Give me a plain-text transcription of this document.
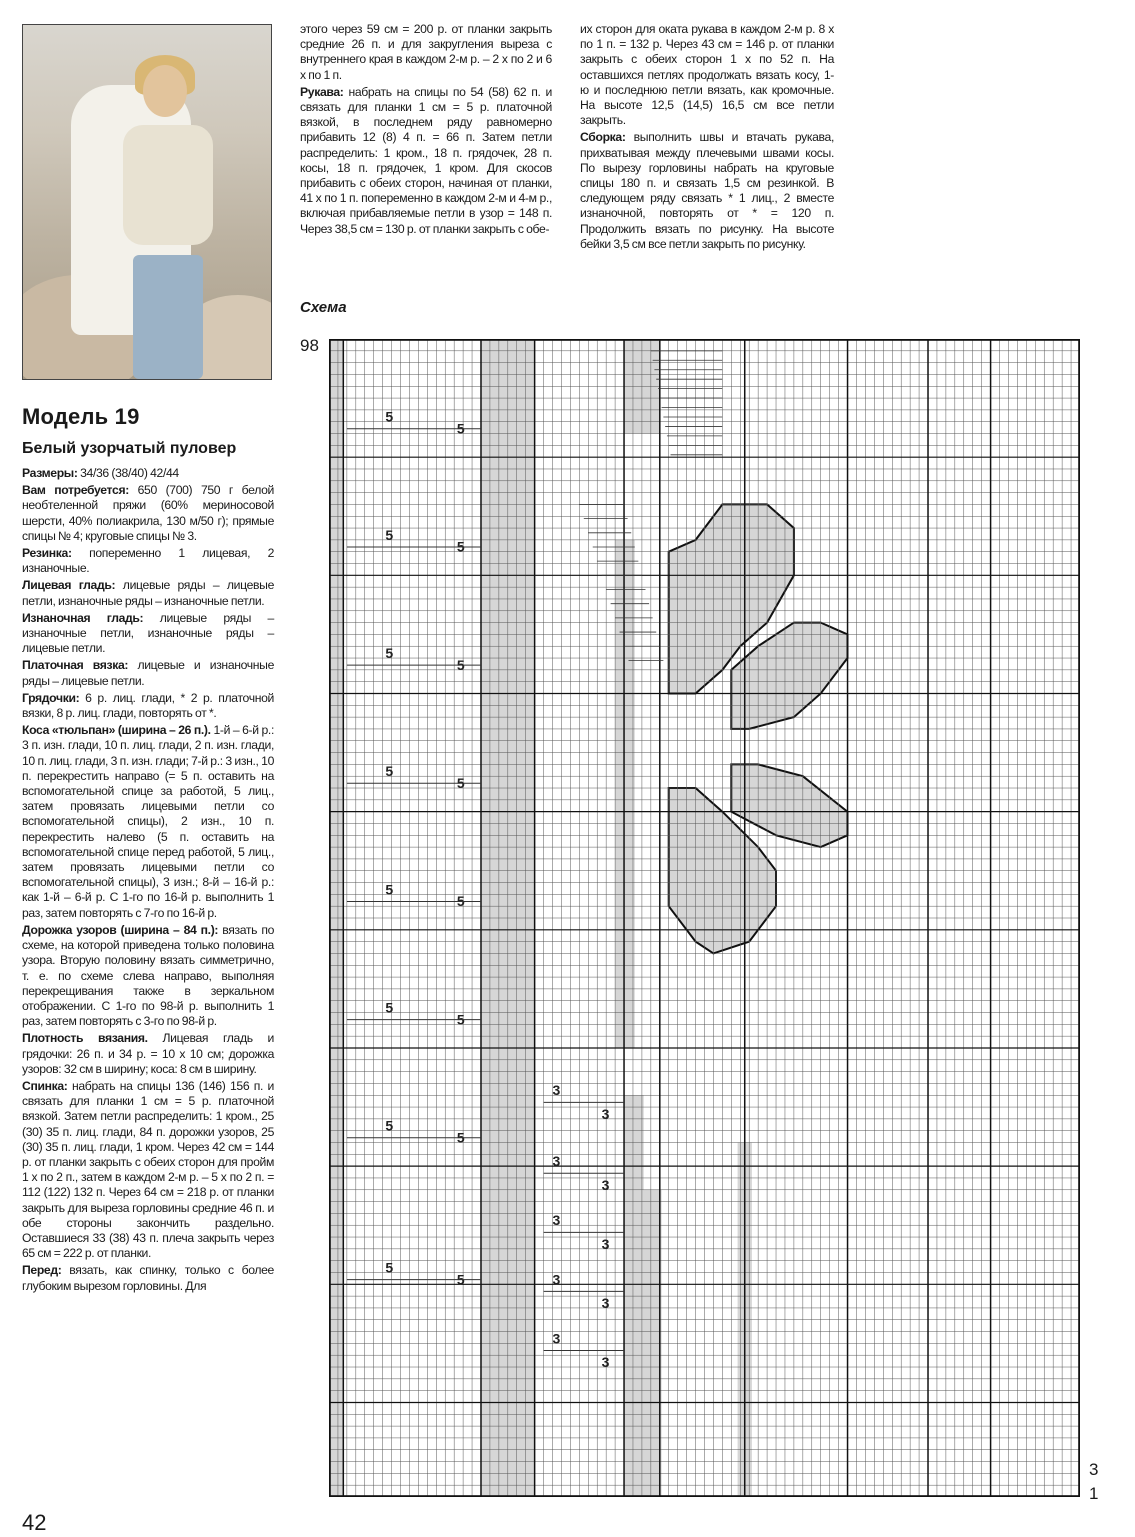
Модель 19
Белый узорчатый пуловер
Размеры: 34/36 (38/40) 42/44
Вам потребуется: 650 (700) 750 г белой необтеленной пряжи (60% мериносовой шерсти, 40% полиакрила, 130 м/50 г); прямые спицы № 4; круговые спицы № 3.
Резинка: попеременно 1 лицевая, 2 изнаночные.
Лицевая гладь: лицевые ряды – лицевые петли, изнаночные ряды – изнаночные петли.
Изнаночная гладь: лицевые ряды – изнаночные петли, изнаночные ряды – лицевые петли.
Платочная вязка: лицевые и изнаночные ряды – лицевые петли.
Грядочки: 6 р. лиц. глади, * 2 р. платочной вязки, 8 р. лиц. глади, повторять от *.
Коса «тюльпан» (ширина – 26 п.). 1-й – 6-й р.: 3 п. изн. глади, 10 п. лиц. глади, 2 п. изн. глади, 10 п. лиц. глади, 3 п. изн. глади; 7-й р.: 3 изн., 10 п. перекрестить направо (= 5 п. оставить на вспомогательной спице за работой, 5 лиц., затем провязать лицевыми петли со вспомогательной спицы), 2 изн., 10 п. перекрестить налево (5 п. оставить на вспомогательной спице перед работой, 5 лиц., затем провязать лицевыми петли со вспомогательной спицы), 3 изн.; 8-й – 16-й р.: как 1-й – 6-й р. С 1-го по 16-й р. выполнить 1 раз, затем повторять с 7-го по 16-й р.
Дорожка узоров (ширина – 84 п.): вязать по схеме, на которой приведена только половина узора. Вторую половину вязать симметрично, т. е. по схеме слева направо, выполняя перекрещивания также в зеркальном отображении. С 1-го по 98-й р. выполнить 1 раз, затем повторять с 3-го по 98-й р.
Плотность вязания. Лицевая гладь и грядочки: 26 п. и 34 р. = 10 х 10 см; дорожка узоров: 32 см в ширину; коса: 8 см в ширину.
Спинка: набрать на спицы 136 (146) 156 п. и связать для планки 1 см = 5 р. платочной вязкой. Затем петли распределить: 1 кром., 25 (30) 35 п. лиц. глади, 84 п. дорожки узоров, 25 (30) 35 п. лиц. глади, 1 кром. Через 42 см = 144 р. от планки закрыть с обеих сторон для пройм 1 х по 2 п., затем в каждом 2-м р. – 5 х по 2 п. = 112 (122) 132 п. Через 64 см = 218 р. от планки закрыть для выреза горловины средние 46 п. и обе стороны закончить раздельно. Оставшиеся 33 (38) 43 п. плеча закрыть через 65 см = 222 р. от планки.
Перед: вязать, как спинку, только с более глубоким вырезом горловины. Для
этого через 59 см = 200 р. от планки закрыть средние 26 п. и для закругления выреза с внутреннего края в каждом 2-м р. – 2 х по 2 и 6 х по 1 п.
Рукава: набрать на спицы по 54 (58) 62 п. и связать для планки 1 см = 5 р. платочной вязкой, в последнем ряду равномерно прибавить 12 (8) 4 п. = 66 п. Затем петли распределить: 1 кром., 18 п. грядочек, 28 п. косы, 18 п. грядочек, 1 кром. Для скосов прибавить с обеих сторон, начиная от планки, 41 х по 1 п. попеременно в каждом 2-м и 4-м р., включая прибавляемые петли в узор = 148 п. Через 38,5 см = 130 р. от планки закрыть с обе-
их сторон для оката рукава в каждом 2-м р. 8 х по 1 п. = 132 р. Через 43 см = 146 р. от планки закрыть с обеих сторон 1 х по 52 п. На оставшихся петлях продолжать вязать косу, 1-ю и последнюю петли вязать, как кромочные. На высоте 12,5 (14,5) 16,5 см все петли закрыть.
Сборка: выполнить швы и втачать рукава, прихватывая между плечевыми швами косы. По вырезу горловины набрать на круговые спицы 180 п. и связать 1,5 см резинкой. В следующем ряду связать * 1 лиц., 2 вместе изнаночной, повторять от * = 120 п. Продолжить вязать по рисунку. На высоте бейки 3,5 см все петли закрыть по рисунку.
Схема
98
3
1
42
5
5
5
5
5
5
5
5
5
5
5
5
5
5
5
5
3
3
3
3
3
3
3
3
3
3
